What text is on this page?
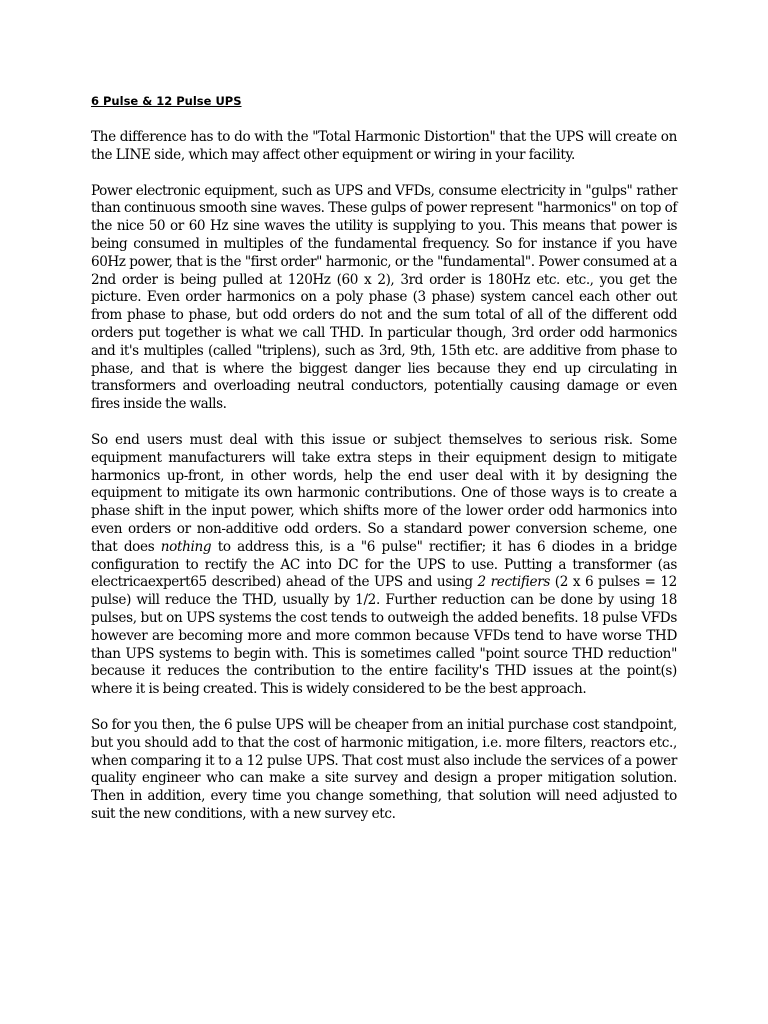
6 Pulse & 12 Pulse UPS

The difference has to do with the "Total Harmonic Distortion" that the UPS will create on the LINE side, which may affect other equipment or wiring in your facility.

Power electronic equipment, such as UPS and VFDs, consume electricity in "gulps" rather than continuous smooth sine waves. These gulps of power represent "harmonics" on top of the nice 50 or 60 Hz sine waves the utility is supplying to you. This means that power is being consumed in multiples of the fundamental frequency. So for instance if you have 60Hz power, that is the "first order" harmonic, or the "fundamental". Power consumed at a 2nd order is being pulled at 120Hz (60 x 2), 3rd order is 180Hz etc. etc., you get the picture. Even order harmonics on a poly phase (3 phase) system cancel each other out from phase to phase, but odd orders do not and the sum total of all of the different odd orders put together is what we call THD. In particular though, 3rd order odd harmonics and it's multiples (called "triplens), such as 3rd, 9th, 15th etc. are additive from phase to phase, and that is where the biggest danger lies because they end up circulating in transformers and overloading neutral conductors, potentially causing damage or even fires inside the walls.

So end users must deal with this issue or subject themselves to serious risk. Some equipment manufacturers will take extra steps in their equipment design to mitigate harmonics up-front, in other words, help the end user deal with it by designing the equipment to mitigate its own harmonic contributions. One of those ways is to create a phase shift in the input power, which shifts more of the lower order odd harmonics into even orders or non-additive odd orders. So a standard power conversion scheme, one that does nothing to address this, is a "6 pulse" rectifier; it has 6 diodes in a bridge configuration to rectify the AC into DC for the UPS to use. Putting a transformer (as electricaexpert65 described) ahead of the UPS and using 2 rectifiers (2 x 6 pulses = 12 pulse) will reduce the THD, usually by 1/2. Further reduction can be done by using 18 pulses, but on UPS systems the cost tends to outweigh the added benefits. 18 pulse VFDs however are becoming more and more common because VFDs tend to have worse THD than UPS systems to begin with. This is sometimes called "point source THD reduction" because it reduces the contribution to the entire facility's THD issues at the point(s) where it is being created. This is widely considered to be the best approach.

So for you then, the 6 pulse UPS will be cheaper from an initial purchase cost standpoint, but you should add to that the cost of harmonic mitigation, i.e. more filters, reactors etc., when comparing it to a 12 pulse UPS. That cost must also include the services of a power quality engineer who can make a site survey and design a proper mitigation solution. Then in addition, every time you change something, that solution will need adjusted to suit the new conditions, with a new survey etc.
